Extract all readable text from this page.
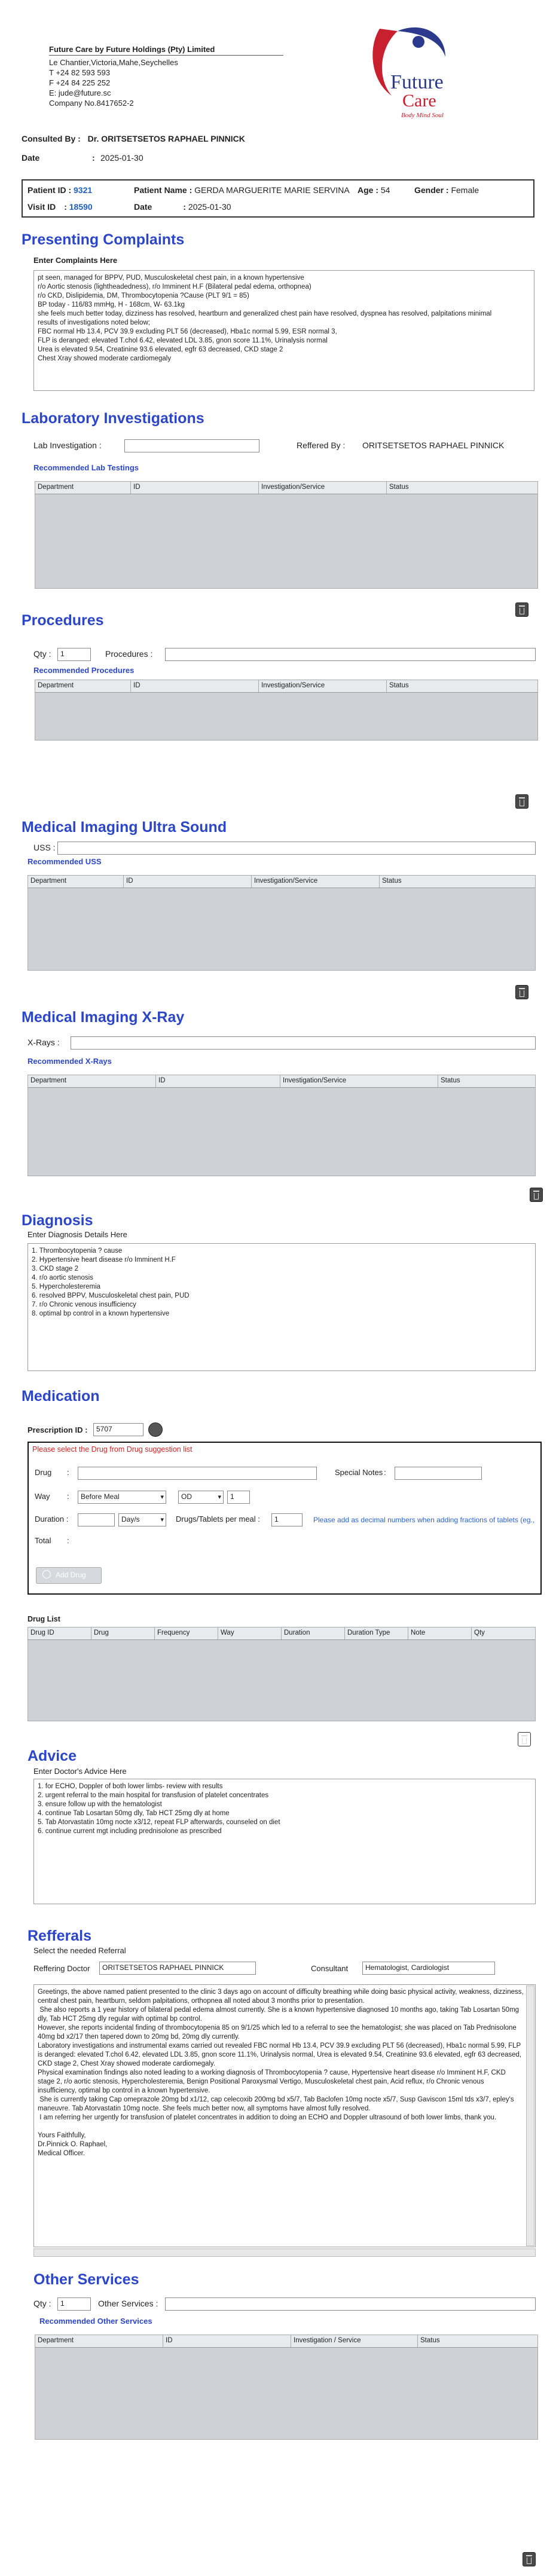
Future Care by Future Holdings (Pty) Limited
Le Chantier,Victoria,Mahe,Seychelles
T +24 82 593 593
F +24 84 225 252
E: jude@future.sc
Company No.8417652-2
Future
Care
Body Mind Soul
Consulted By : Dr. ORITSETSETOS RAPHAEL PINNICK
Date	: 2025-01-30
Patient ID : 9321	Patient Name : GERDA MARGUERITE MARIE SERVINA Age : 54	Gender : Female
Visit ID : 18590	Date	: 2025-01-30
Presenting Complaints
Enter Complaints Here
pt seen, managed for BPPV, PUD, Musculoskeletal chest pain, in a known hypertensive
r/o Aortic stenosis (lightheadedness), r/o Imminent H.F (Bilateral pedal edema, orthopnea)
r/o CKD, Dislipidemia, DM, Thrombocytopenia ?Cause (PLT 9/1 = 85)
BP today - 116/83 mmHg, H - 168cm, W- 63.1kg
she feels much better today, dizziness has resolved, heartburn and generalized chest pain have resolved, dyspnea has resolved, palpitations minimal
results of investigations noted below;
FBC normal Hb 13.4, PCV 39.9 excluding PLT 56 (decreased), Hba1c normal 5.99, ESR normal 3,
FLP is deranged: elevated T.chol 6.42, elevated LDL 3.85, gnon score 11.1%, Urinalysis normal
Urea is elevated 9.54, Creatinine 93.6 elevated, egfr 63 decreased, CKD stage 2
Chest Xray showed moderate cardiomegaly
Laboratory Investigations
Lab Investigation :	Reffered By : ORITSETSETOS RAPHAEL PINNICK
Recommended Lab Testings
Department	ID	Investigation/Service	Status
Procedures
Qty :	1	Procedures :
Recommended Procedures
Department	ID	Investigation/Service	Status
Medical Imaging Ultra Sound
USS :
Recommended USS
Department	ID	Investigation/Service	Status
Medical Imaging X-Ray
X-Rays :
Recommended X-Rays
Department	ID	Investigation/Service	Status
Diagnosis
Enter Diagnosis Details Here
1. Thrombocytopenia ? cause
2. Hypertensive heart disease r/o Imminent H.F
3. CKD stage 2
4. r/o aortic stenosis
5. Hypercholesteremia
6. resolved BPPV, Musculoskeletal chest pain, PUD
7. r/o Chronic venous insufficiency
8. optimal bp control in a known hypertensive
Medication
Prescription ID :	5707
Please select the Drug from Drug suggestion list
Drug :	Special Notes :
Way :	Before Meal ▾	OD ▾	1
Duration :	Day/s ▾	Drugs/Tablets per meal :	1	Please add as decimal numbers when adding fractions of tablets (eg.,
Total :
Add Drug
Drug List
Drug ID	Drug	Frequency	Way	Duration	Duration Type	Note	Qty
Advice
Enter Doctor's Advice Here
1. for ECHO, Doppler of both lower limbs- review with results
2. urgent referral to the main hospital for transfusion of platelet concentrates
3. ensure follow up with the hematologist
4. continue Tab Losartan 50mg dly, Tab HCT 25mg dly at home
5. Tab Atorvastatin 10mg nocte x3/12, repeat FLP afterwards, counseled on diet
6. continue current mgt including prednisolone as prescribed
Refferals
Select the needed Referral
Reffering Doctor	ORITSETSETOS RAPHAEL PINNICK	Consultant	Hematologist, Cardiologist
Greetings, the above named patient presented to the clinic 3 days ago on account of difficulty breathing while doing basic physical activity, weakness, dizziness, central chest pain, heartburn, seldom palpitations, orthopnea all noted about 3 months prior to presentation.
She also reports a 1 year history of bilateral pedal edema almost currently. She is a known hypertensive diagnosed 10 months ago, taking Tab Losartan 50mg dly, Tab HCT 25mg dly regular with optimal bp control.
However, she reports incidental finding of thrombocytopenia 85 on 9/1/25 which led to a referral to see the hematologist; she was placed on Tab Prednisolone 40mg bd x2/17 then tapered down to 20mg bd, 20mg dly currently.
Laboratory investigations and instrumental exams carried out revealed FBC normal Hb 13.4, PCV 39.9 excluding PLT 56 (decreased), Hba1c normal 5.99, FLP is deranged: elevated T.chol 6.42, elevated LDL 3.85, gnon score 11.1%, Urinalysis normal, Urea is elevated 9.54, Creatinine 93.6 elevated, egfr 63 decreased, CKD stage 2, Chest Xray showed moderate cardiomegaly.
Physical examination findings also noted leading to a working diagnosis of Thrombocytopenia ? cause, Hypertensive heart disease r/o Imminent H.F, CKD stage 2, r/o aortic stenosis, Hypercholesteremia, Benign Positional Paroxysmal Vertigo, Musculoskeletal chest pain, Acid reflux, r/o Chronic venous insufficiency, optimal bp control in a known hypertensive.
She is currently taking Cap omeprazole 20mg bd x1/12, cap celecoxib 200mg bd x5/7, Tab Baclofen 10mg nocte x5/7, Susp Gaviscon 15ml tds x3/7, epley's maneuvre. Tab Atorvastatin 10mg nocte. She feels much better now, all symptoms have almost fully resolved.
I am referring her urgently for transfusion of platelet concentrates in addition to doing an ECHO and Doppler ultrasound of both lower limbs, thank you.

Yours Faithfully,
Dr.Pinnick O. Raphael,
Medical Officer.
Other Services
Qty :	1	Other Services :
Recommended Other Services
Department	ID	Investigation / Service	Status
